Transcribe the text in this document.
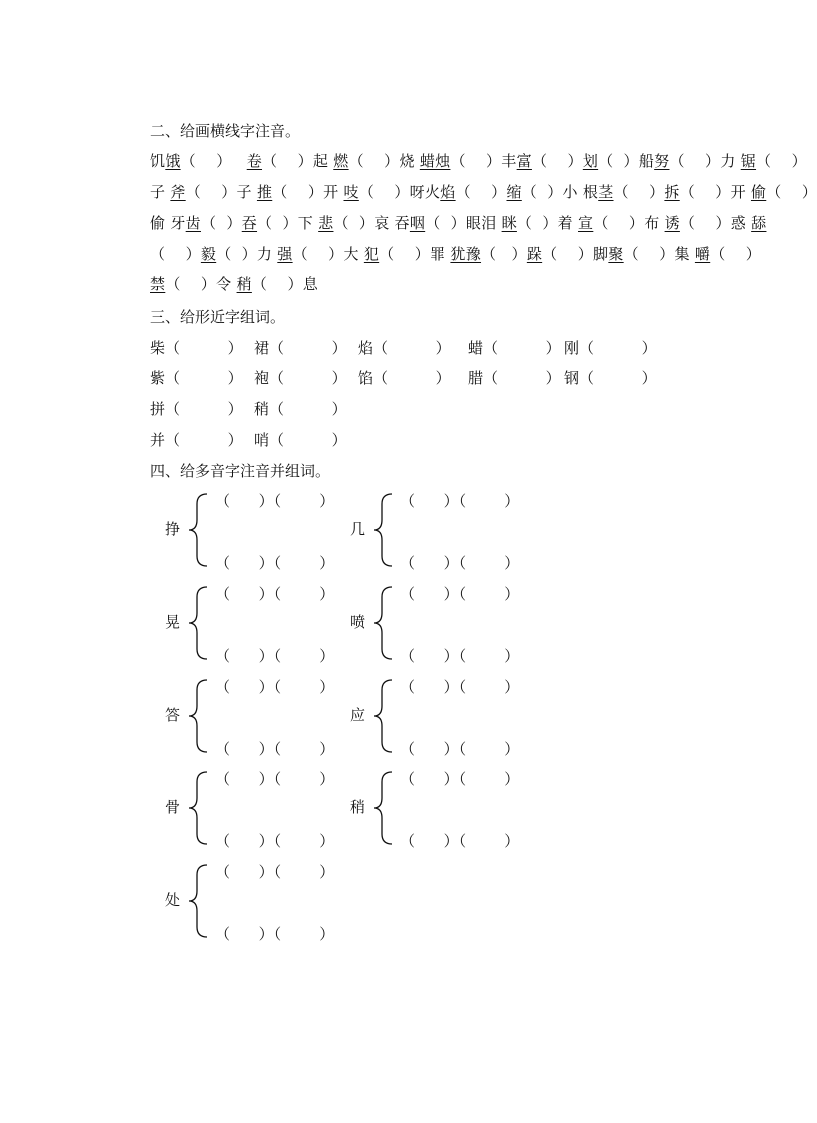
二、给画横线字注音。
饥饿（    ）   卷（    ）起 燃（    ）烧 蜡烛（    ）丰富（    ）划（  ）船努（    ）力 锯（    ）
子 斧（    ）子 推（    ）开 吱（    ）呀火焰（    ）缩（  ）小 根茎（    ）拆（    ）开 偷（    ）
偷 牙齿（  ）吞（  ）下 悲（  ）哀 吞咽（  ）眼泪 眯（  ）着 宣（    ）布 诱（    ）惑 舔
（    ）毅（  ）力 强（    ）大 犯（    ）罪 犹豫（   ）跺（    ）脚聚（    ）集 嚼（    ）
禁（    ）令 稍（    ）息
三、给形近字组词。
柴（          ） 裙（          ） 焰（          ） 蜡（          ） 刚（          ）
紫（          ） 袍（          ） 馅（          ） 腊（          ） 钢（          ）
拼（          ） 稍（          ）
并（          ） 哨（          ）
四、给多音字注音并组词。
挣
（      ）（        ）
（      ）（        ）
几
（      ）（        ）
（      ）（        ）
晃
（      ）（        ）
（      ）（        ）
喷
（      ）（        ）
（      ）（        ）
答
（      ）（        ）
（      ）（        ）
应
（      ）（        ）
（      ）（        ）
骨
（      ）（        ）
（      ）（        ）
稍
（      ）（        ）
（      ）（        ）
处
（      ）（        ）
（      ）（        ）
